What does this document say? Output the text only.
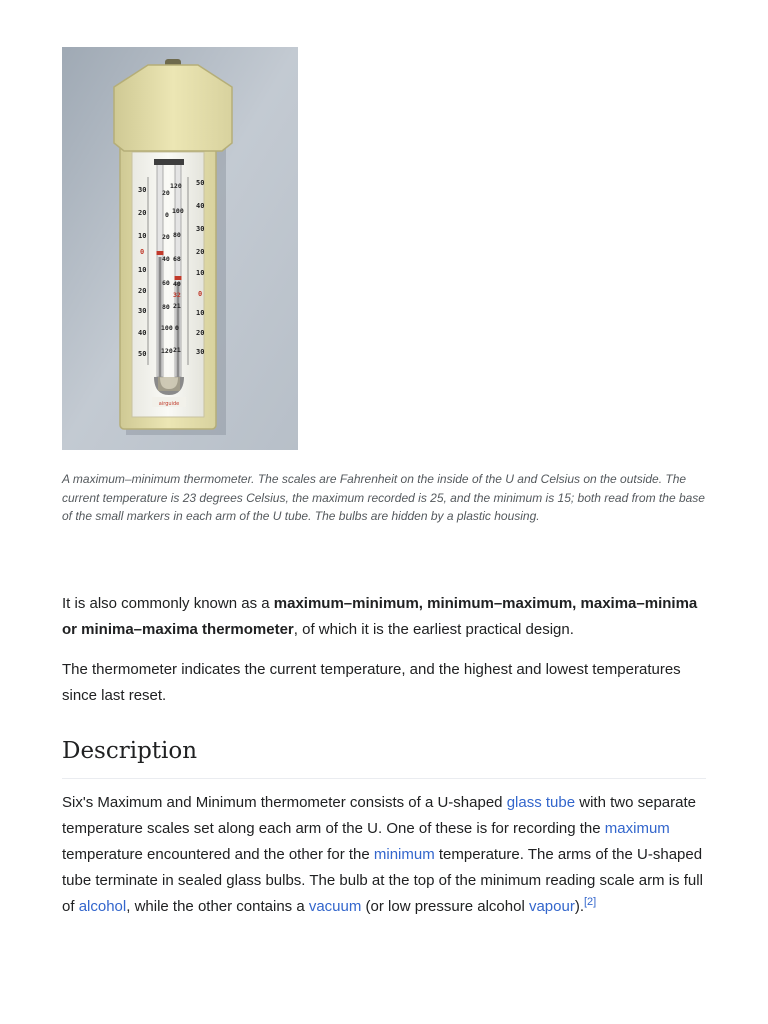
airguide
30
20
10
0
10
20
30
40
50
20
0
20
40
60
80
100
120
120
100
80
68
40
32
21
0
21
50
40
30
20
10
0
10
20
30

A maximum–minimum thermometer. The scales are Fahrenheit on the inside of the U and Celsius on the outside. The current temperature is 23 degrees Celsius, the maximum recorded is 25, and the minimum is 15; both read from the base of the small markers in each arm of the U tube. The bulbs are hidden by a plastic housing.

It is also commonly known as a maximum–minimum, minimum–maximum, maxima–minima or minima–maxima thermometer, of which it is the earliest practical design.

The thermometer indicates the current temperature, and the highest and lowest temperatures since last reset.

Description

Six's Maximum and Minimum thermometer consists of a U-shaped glass tube with two separate temperature scales set along each arm of the U. One of these is for recording the maximum temperature encountered and the other for the minimum temperature. The arms of the U-shaped tube terminate in sealed glass bulbs. The bulb at the top of the minimum reading scale arm is full of alcohol, while the other contains a vacuum (or low pressure alcohol vapour).[2]
